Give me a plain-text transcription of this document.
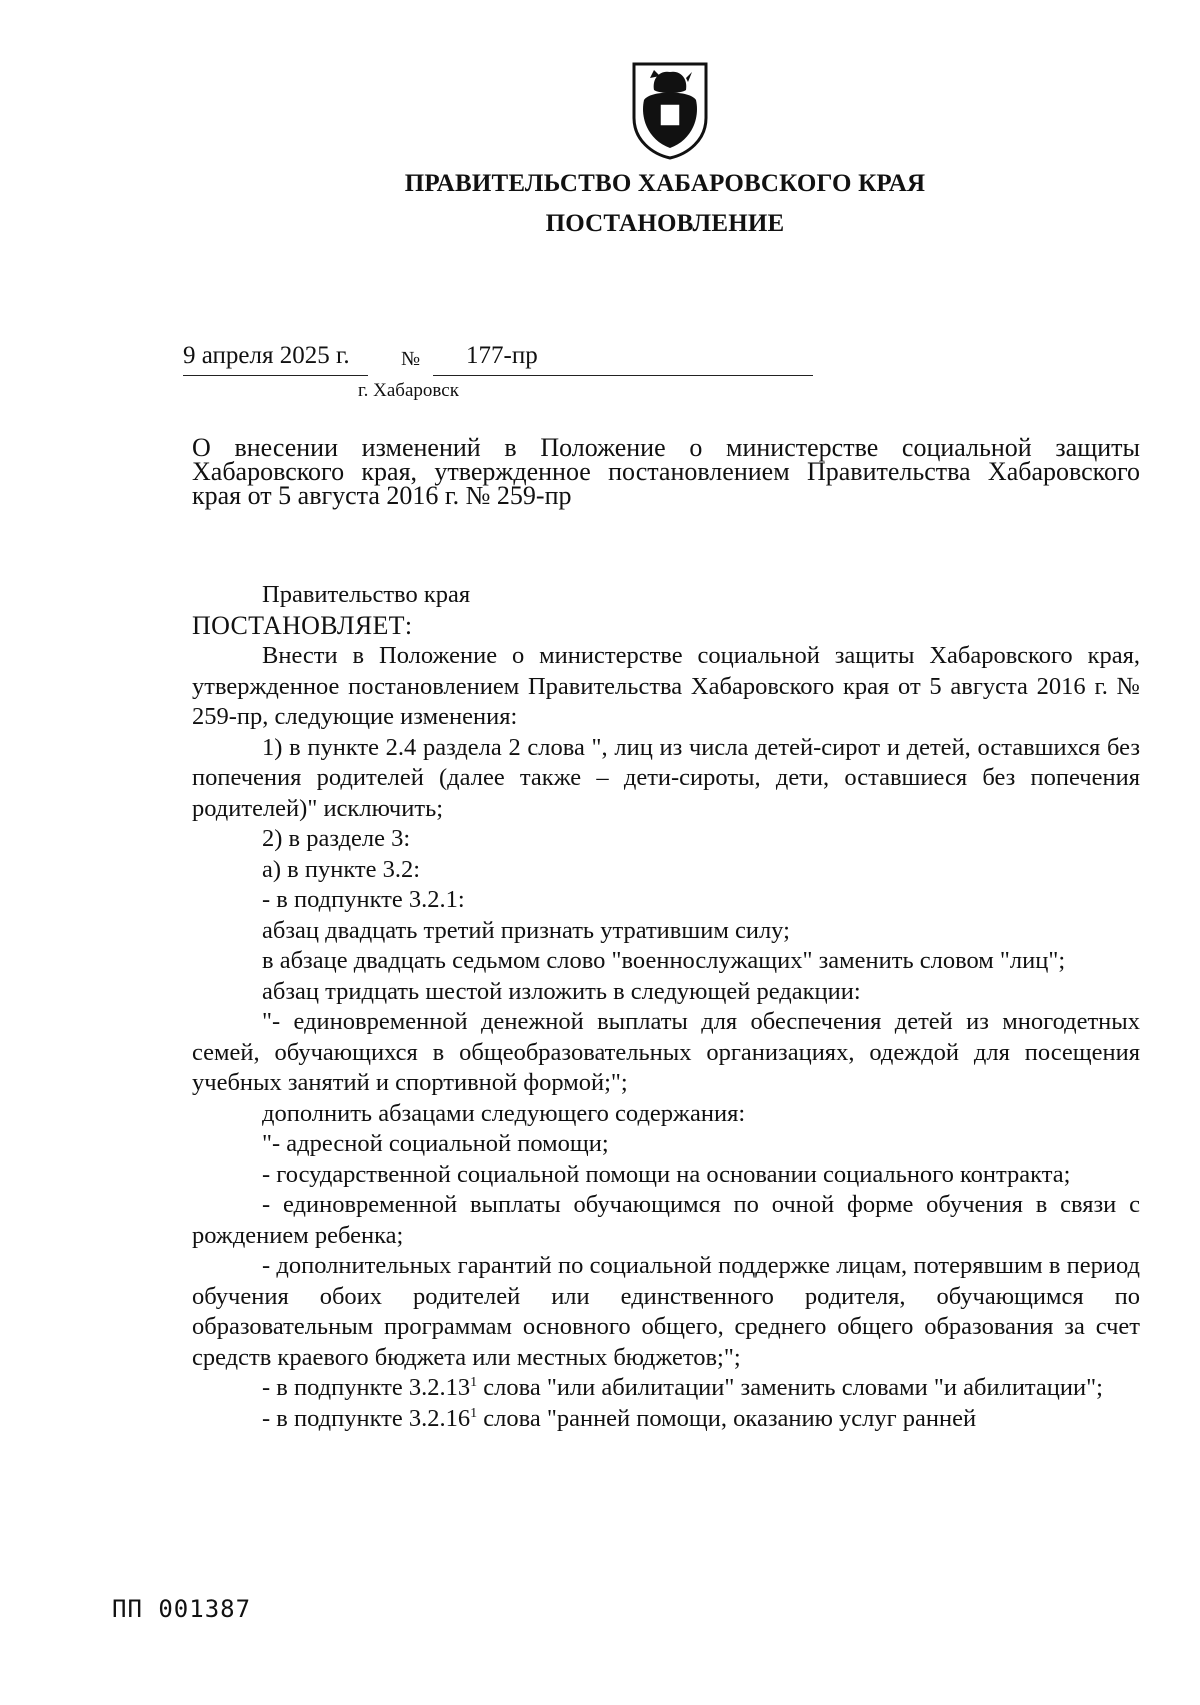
ПРАВИТЕЛЬСТВО ХАБАРОВСКОГО КРАЯ
ПОСТАНОВЛЕНИЕ
9 апреля 2025 г.	№ 177-пр
г. Хабаровск
О внесении изменений в Положение о министерстве социальной защиты Хабаровского края, утвержденное постановлением Правительства Хабаровского края от 5 августа 2016 г. № 259-пр

Правительство края

ПОСТАНОВЛЯЕТ:

Внести в Положение о министерстве социальной защиты Хабаровского края, утвержденное постановлением Правительства Хабаровского края от 5 августа 2016 г. № 259-пр, следующие изменения:

1) в пункте 2.4 раздела 2 слова ", лиц из числа детей-сирот и детей, оставшихся без попечения родителей (далее также – дети-сироты, дети, оставшиеся без попечения родителей)" исключить;

2) в разделе 3:

а) в пункте 3.2:

- в подпункте 3.2.1:

абзац двадцать третий признать утратившим силу;

в абзаце двадцать седьмом слово "военнослужащих" заменить словом "лиц";

абзац тридцать шестой изложить в следующей редакции:

"- единовременной денежной выплаты для обеспечения детей из многодетных семей, обучающихся в общеобразовательных организациях, одеждой для посещения учебных занятий и спортивной формой;";

дополнить абзацами следующего содержания:

"- адресной социальной помощи;

- государственной социальной помощи на основании социального контракта;

- единовременной выплаты обучающимся по очной форме обучения в связи с рождением ребенка;

- дополнительных гарантий по социальной поддержке лицам, потерявшим в период обучения обоих родителей или единственного родителя, обучающимся по образовательным программам основного общего, среднего общего образования за счет средств краевого бюджета или местных бюджетов;";

- в подпункте 3.2.13$^1$ слова "или абилитации" заменить словами "и абилитации";

- в подпункте 3.2.16$^1$ слова "ранней помощи, оказанию услуг ранней

ПП 001387
